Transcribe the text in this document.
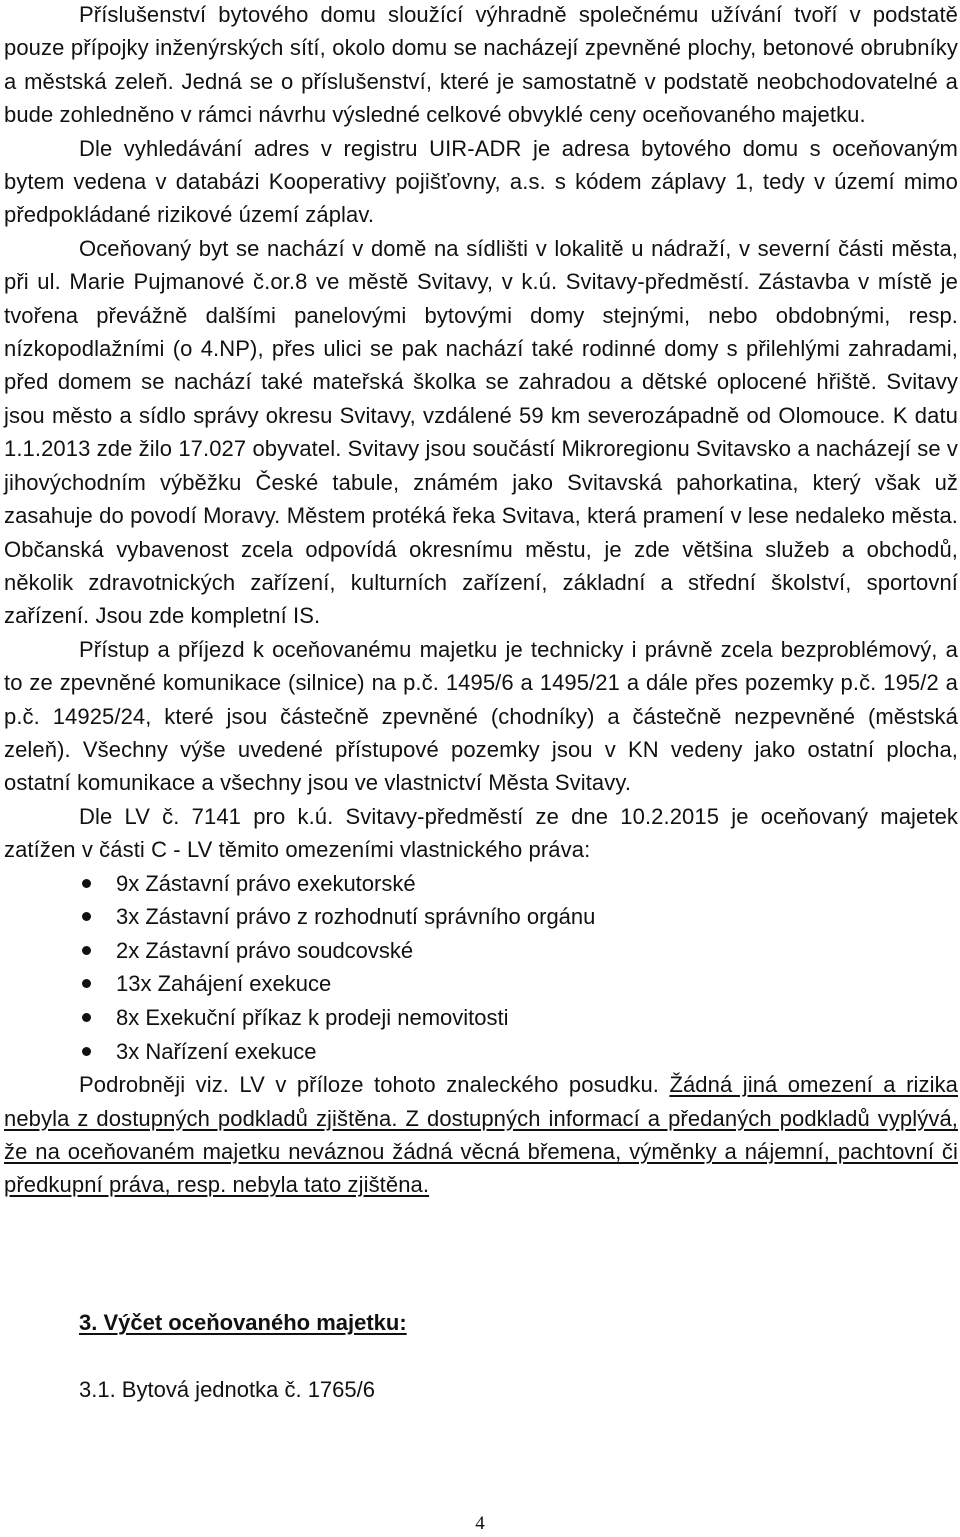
Příslušenství bytového domu sloužící výhradně společnému užívání tvoří v podstatě pouze přípojky inženýrských sítí, okolo domu se nacházejí zpevněné plochy, betonové obrubníky a městská zeleň. Jedná se o příslušenství, které je samostatně v podstatě neobchodovatelné a bude zohledněno v rámci návrhu výsledné celkové obvyklé ceny oceňovaného majetku.

Dle vyhledávání adres v registru UIR-ADR je adresa bytového domu s oceňovaným bytem vedena v databázi Kooperativy pojišťovny, a.s. s kódem záplavy 1, tedy v území mimo předpokládané rizikové území záplav.

Oceňovaný byt se nachází v domě na sídlišti v lokalitě u nádraží, v severní části města, při ul. Marie Pujmanové č.or.8 ve městě Svitavy, v k.ú. Svitavy-předměstí. Zástavba v místě je tvořena převážně dalšími panelovými bytovými domy stejnými, nebo obdobnými, resp. nízkopodlažními (o 4.NP), přes ulici se pak nachází také rodinné domy s přilehlými zahradami, před domem se nachází také mateřská školka se zahradou a dětské oplocené hřiště. Svitavy jsou město a sídlo správy okresu Svitavy, vzdálené 59 km severozápadně od Olomouce. K datu 1.1.2013 zde žilo 17.027 obyvatel. Svitavy jsou součástí Mikroregionu Svitavsko a nacházejí se v jihovýchodním výběžku České tabule, známém jako Svitavská pahorkatina, který však už zasahuje do povodí Moravy. Městem protéká řeka Svitava, která pramení v lese nedaleko města. Občanská vybavenost zcela odpovídá okresnímu městu, je zde většina služeb a obchodů, několik zdravotnických zařízení, kulturních zařízení, základní a střední školství, sportovní zařízení. Jsou zde kompletní IS.

Přístup a příjezd k oceňovanému majetku je technicky i právně zcela bezproblémový, a to ze zpevněné komunikace (silnice) na p.č. 1495/6 a 1495/21 a dále přes pozemky p.č. 195/2 a p.č. 14925/24, které jsou částečně zpevněné (chodníky) a částečně nezpevněné (městská zeleň). Všechny výše uvedené přístupové pozemky jsou v KN vedeny jako ostatní plocha, ostatní komunikace a všechny jsou ve vlastnictví Města Svitavy.

Dle LV č. 7141 pro k.ú. Svitavy-předměstí ze dne 10.2.2015 je oceňovaný majetek zatížen v části C - LV těmito omezeními vlastnického práva:

9x Zástavní právo exekutorské
3x Zástavní právo z rozhodnutí správního orgánu
2x Zástavní právo soudcovské
13x Zahájení exekuce
8x Exekuční příkaz k prodeji nemovitosti
3x Nařízení exekuce

Podrobněji viz. LV v příloze tohoto znaleckého posudku. Žádná jiná omezení a rizika nebyla z dostupných podkladů zjištěna. Z dostupných informací a předaných podkladů vyplývá, že na oceňovaném majetku neváznou žádná věcná břemena, výměnky a nájemní, pachtovní či předkupní práva, resp. nebyla tato zjištěna.

3. Výčet oceňovaného majetku:

3.1. Bytová jednotka č. 1765/6

4
